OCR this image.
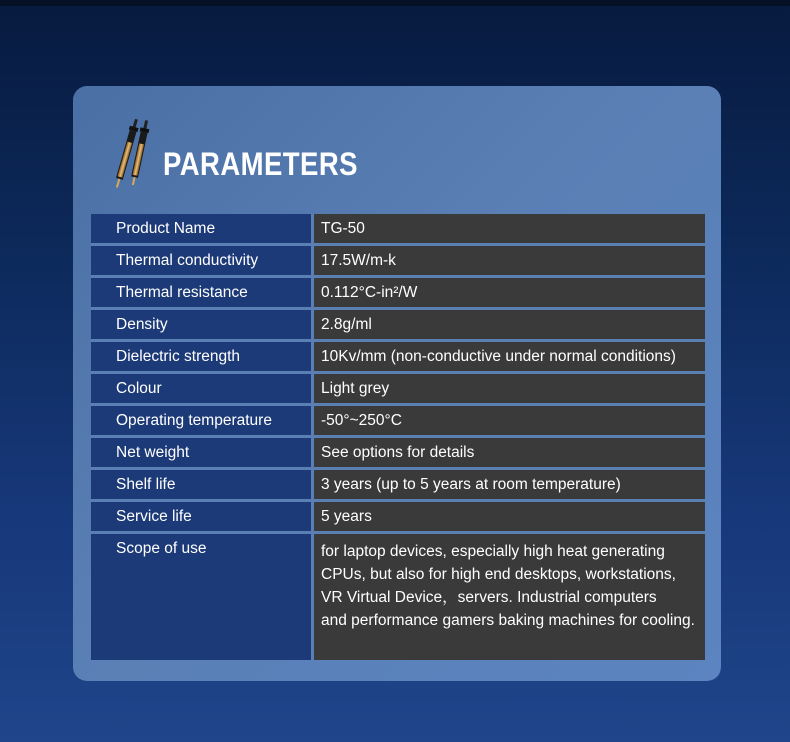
PARAMETERS
Product Name	TG-50
Thermal conductivity	17.5W/m-k
Thermal resistance	0.112°C-in²/W
Density	2.8g/ml
Dielectric strength	10Kv/mm (non-conductive under normal conditions)
Colour	Light grey
Operating temperature	-50°~250°C
Net weight	See options for details
Shelf life	3 years (up to 5 years at room temperature)
Service life	5 years
Scope of use	for laptop devices, especially high heat generating
CPUs, but also for high end desktops, workstations,
VR Virtual Device，servers. Industrial computers
and performance gamers baking machines for cooling.
